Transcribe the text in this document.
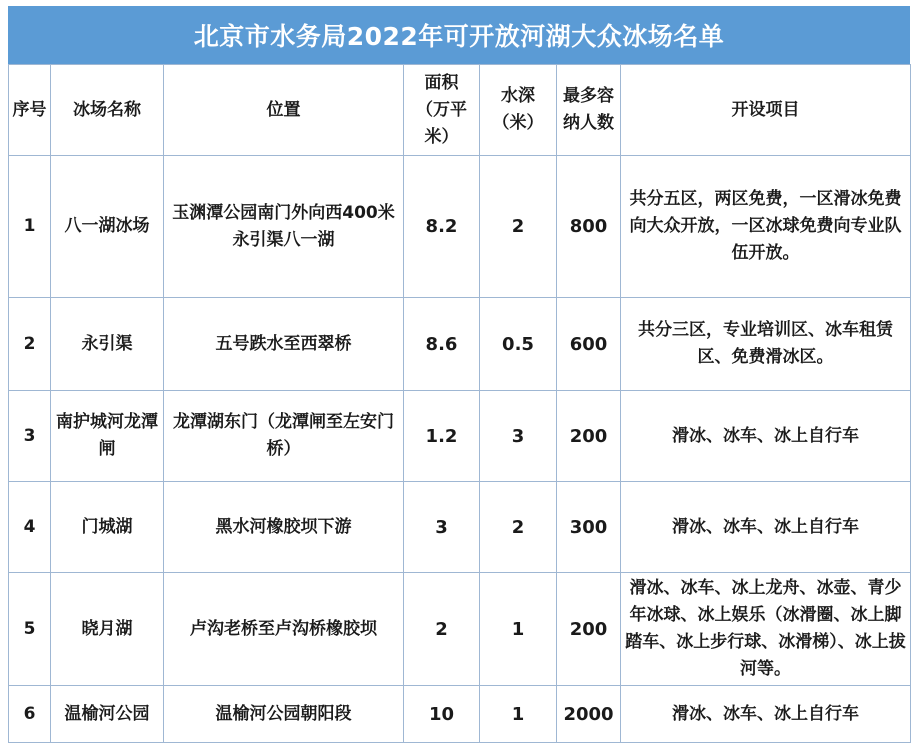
北京市水务局2022年可开放河湖大众冰场名单
序号	冰场名称	位置	面积（万平米）	水深（米）	最多容纳人数	开设项目
1	八一湖冰场	玉渊潭公园南门外向西400米永引渠八一湖	8.2	2	800	共分五区，两区免费，一区滑冰免费向大众开放，一区冰球免费向专业队伍开放。
2	永引渠	五号跌水至西翠桥	8.6	0.5	600	共分三区，专业培训区、冰车租赁区、免费滑冰区。
3	南护城河龙潭闸	龙潭湖东门（龙潭闸至左安门桥）	1.2	3	200	滑冰、冰车、冰上自行车
4	门城湖	黑水河橡胶坝下游	3	2	300	滑冰、冰车、冰上自行车
5	晓月湖	卢沟老桥至卢沟桥橡胶坝	2	1	200	滑冰、冰车、冰上龙舟、冰壶、青少年冰球、冰上娱乐（冰滑圈、冰上脚踏车、冰上步行球、冰滑梯）、冰上拔河等。
6	温榆河公园	温榆河公园朝阳段	10	1	2000	滑冰、冰车、冰上自行车
